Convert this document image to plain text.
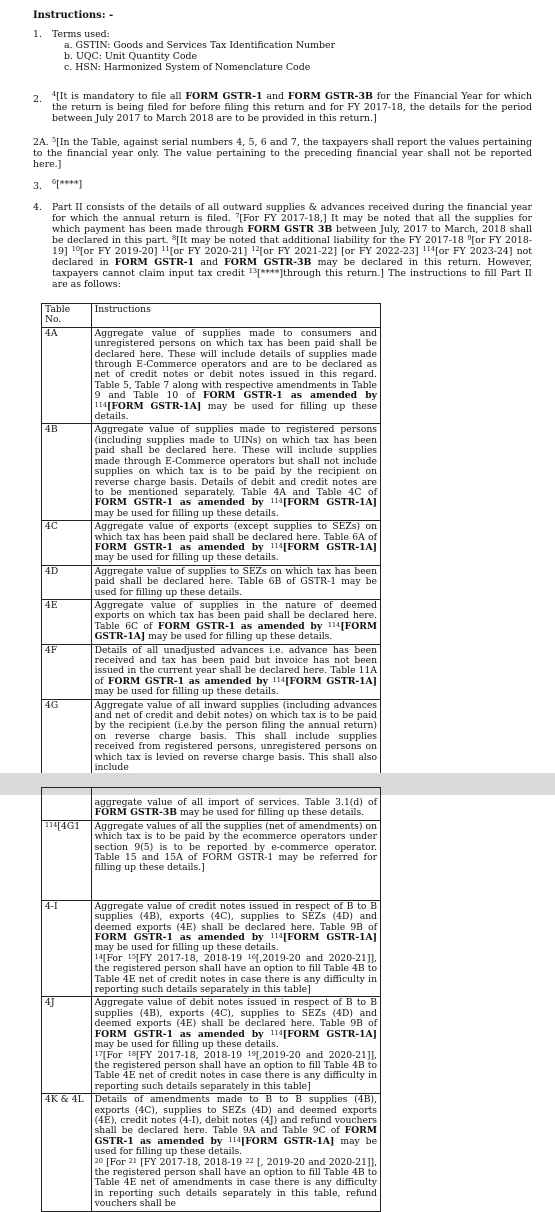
Instructions: -
1. Terms used:
a. GSTIN: Goods and Services Tax Identification Number
b. UQC: Unit Quantity Code
c. HSN: Harmonized System of Nomenclature Code
2. $^4$[It is mandatory to file all FORM GSTR-1 and FORM GSTR-3B for the Financial Year for which the return is being filed for before filing this return and for FY 2017-18, the details for the period between July 2017 to March 2018 are to be provided in this return.]
2A. $^5$[In the Table, against serial numbers 4, 5, 6 and 7, the taxpayers shall report the values pertaining to the financial year only. The value pertaining to the preceding financial year shall not be reported here.]
3. $^6$[****]
4. Part II consists of the details of all outward supplies & advances received during the financial year for which the annual return is filed. $^7$[For FY 2017-18,] It may be noted that all the supplies for which payment has been made through FORM GSTR 3B between July, 2017 to March, 2018 shall be declared in this part. $^8$[It may be noted that additional liability for the FY 2017-18 $^9$[or FY 2018-19] $^{10}$[or FY 2019-20] $^{11}$[or FY 2020-21] $^{12}$[or FY 2021-22] [or FY 2022-23] $^{114}$[or FY 2023-24] not declared in FORM GSTR-1 and FORM GSTR-3B may be declared in this return. However, taxpayers cannot claim input tax credit $^{13}$[****]through this return.] The instructions to fill Part II are as follows:
Table No.	Instructions
4A	Aggregate value of supplies made to consumers and unregistered persons on which tax has been paid shall be declared here. These will include details of supplies made through E-Commerce operators and are to be declared as net of credit notes or debit notes issued in this regard. Table 5, Table 7 along with respective amendments in Table 9 and Table 10 of FORM GSTR-1 as amended by $^{114}$[FORM GSTR-1A] may be used for filling up these details.
4B	Aggregate value of supplies made to registered persons (including supplies made to UINs) on which tax has been paid shall be declared here. These will include supplies made through E-Commerce operators but shall not include supplies on which tax is to be paid by the recipient on reverse charge basis. Details of debit and credit notes are to be mentioned separately. Table 4A and Table 4C of FORM GSTR-1 as amended by $^{114}$[FORM GSTR-1A] may be used for filling up these details.
4C	Aggregate value of exports (except supplies to SEZs) on which tax has been paid shall be declared here. Table 6A of FORM GSTR-1 as amended by $^{114}$[FORM GSTR-1A] may be used for filling up these details.
4D	Aggregate value of supplies to SEZs on which tax has been paid shall be declared here. Table 6B of GSTR-1 may be used for filling up these details.
4E	Aggregate value of supplies in the nature of deemed exports on which tax has been paid shall be declared here. Table 6C of FORM GSTR-1 as amended by $^{114}$[FORM GSTR-1A] may be used for filling up these details.
4F	Details of all unadjusted advances i.e. advance has been received and tax has been paid but invoice has not been issued in the current year shall be declared here. Table 11A of FORM GSTR-1 as amended by $^{114}$[FORM GSTR-1A] may be used for filling up these details.
4G	Aggregate value of all inward supplies (including advances and net of credit and debit notes) on which tax is to be paid by the recipient (i.e.by the person filing the annual return) on reverse charge basis. This shall include supplies received from registered persons, unregistered persons on which tax is levied on reverse charge basis. This shall also include
	aggregate value of all import of services. Table 3.1(d) of FORM GSTR-3B may be used for filling up these details.
$^{114}$[4G1	Aggregate values of all the supplies (net of amendments) on which tax is to be paid by the ecommerce operators under section 9(5) is to be reported by e-commerce operator. Table 15 and 15A of FORM GSTR-1 may be referred for filling up these details.]
4-I	Aggregate value of credit notes issued in respect of B to B supplies (4B), exports (4C), supplies to SEZs (4D) and deemed exports (4E) shall be declared here. Table 9B of FORM GSTR-1 as amended by $^{114}$[FORM GSTR-1A] may be used for filling up these details.
$^{14}$[For $^{15}$[FY 2017-18, 2018-19 $^{16}$[,2019-20 and 2020-21]], the registered person shall have an option to fill Table 4B to Table 4E net of credit notes in case there is any difficulty in reporting such details separately in this table]
4J	Aggregate value of debit notes issued in respect of B to B supplies (4B), exports (4C), supplies to SEZs (4D) and deemed exports (4E) shall be declared here. Table 9B of FORM GSTR-1 as amended by $^{114}$[FORM GSTR-1A] may be used for filling up these details.
$^{17}$[For $^{18}$[FY 2017-18, 2018-19 $^{19}$[,2019-20 and 2020-21]], the registered person shall have an option to fill Table 4B to Table 4E net of credit notes in case there is any difficulty in reporting such details separately in this table]
4K & 4L	Details of amendments made to B to B supplies (4B), exports (4C), supplies to SEZs (4D) and deemed exports (4E), credit notes (4-I), debit notes (4J) and refund vouchers shall be declared here. Table 9A and Table 9C of FORM GSTR-1 as amended by $^{114}$[FORM GSTR-1A] may be used for filling up these details.
$^{20}$ [For $^{21}$ [FY 2017-18, 2018-19 $^{22}$ [, 2019-20 and 2020-21]], the registered person shall have an option to fill Table 4B to Table 4E net of amendments in case there is any difficulty in reporting such details separately in this table, refund vouchers shall be
